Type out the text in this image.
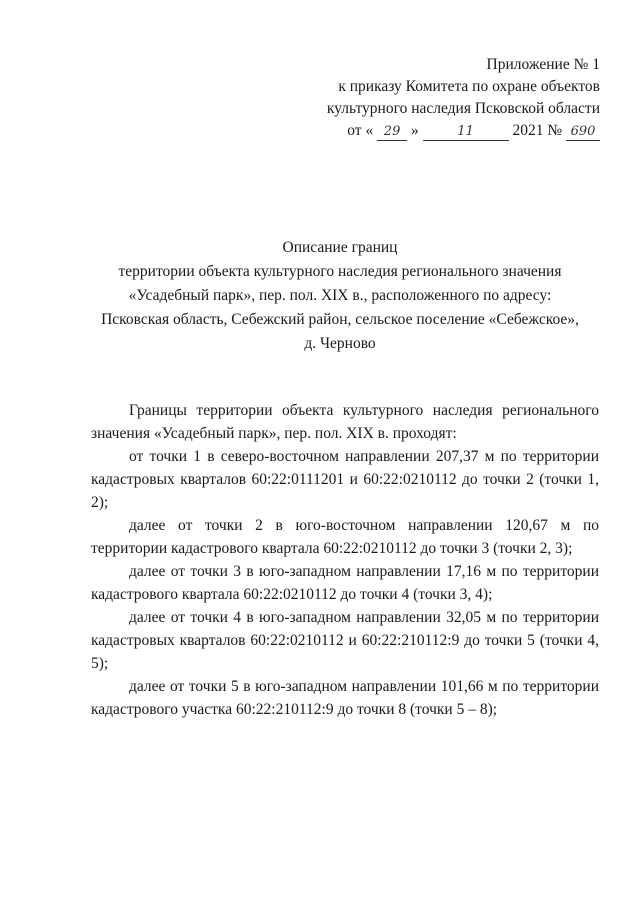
Приложение № 1
к приказу Комитета по охране объектов
культурного наследия Псковской области
от « 29 »	11 2021 № 690
Описание границ
территории объекта культурного наследия регионального значения
«Усадебный парк», пер. пол. XIX в., расположенного по адресу:
Псковская область, Себежский район, сельское поселение «Себежское»,
д. Черново

Границы территории объекта культурного наследия регионального значения «Усадебный парк», пер. пол. XIX в. проходят:

от точки 1 в северо-восточном направлении 207,37 м по территории кадастровых кварталов 60:22:0111201 и 60:22:0210112 до точки 2 (точки 1, 2);

далее от точки 2 в юго-восточном направлении 120,67 м по территории кадастрового квартала 60:22:0210112 до точки 3 (точки 2, 3);

далее от точки 3 в юго-западном направлении 17,16 м по территории кадастрового квартала 60:22:0210112 до точки 4 (точки 3, 4);

далее от точки 4 в юго-западном направлении 32,05 м по территории кадастровых кварталов 60:22:0210112 и 60:22:210112:9 до точки 5 (точки 4, 5);

далее от точки 5 в юго-западном направлении 101,66 м по территории кадастрового участка 60:22:210112:9 до точки 8 (точки 5 – 8);
